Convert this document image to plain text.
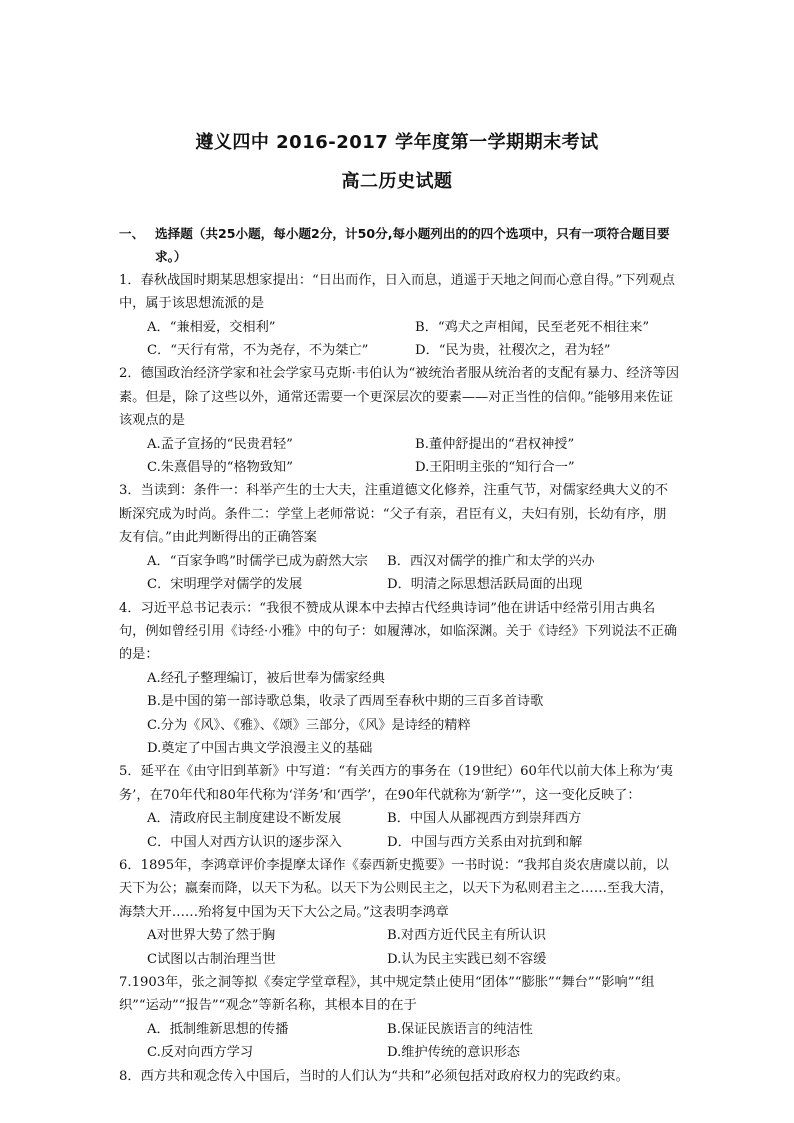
遵义四中 2016-2017 学年度第一学期期末考试
高二历史试题
一、 选择题（共25小题，每小题2分，计50分,每小题列出的的四个选项中，只有一项符合题目要求。）
1．春秋战国时期某思想家提出：“日出而作，日入而息，逍遥于天地之间而心意自得。”下列观点中，属于该思想流派的是
A．“兼相爱，交相利”	B．“鸡犬之声相闻，民至老死不相往来”
C．“天行有常，不为尧存，不为桀亡”	D．“民为贵，社稷次之，君为轻”
2．德国政治经济学家和社会学家马克斯·韦伯认为“被统治者服从统治者的支配有暴力、经济等因素。但是，除了这些以外，通常还需要一个更深层次的要素——对正当性的信仰。”能够用来佐证该观点的是
A.孟子宣扬的“民贵君轻”	B.董仲舒提出的“君权神授”
C.朱熹倡导的“格物致知”	D.王阳明主张的“知行合一”
3．当读到：条件一：科举产生的士大夫，注重道德文化修养，注重气节，对儒家经典大义的不断深究成为时尚。条件二：学堂上老师常说：“父子有亲，君臣有义，夫妇有别，长幼有序，朋友有信。”由此判断得出的正确答案
A．“百家争鸣”时儒学已成为蔚然大宗	B．西汉对儒学的推广和太学的兴办
C．宋明理学对儒学的发展	D．明清之际思想活跃局面的出现
4．习近平总书记表示：“我很不赞成从课本中去掉古代经典诗词”他在讲话中经常引用古典名句，例如曾经引用《诗经·小雅》中的句子：如履薄冰，如临深渊。关于《诗经》下列说法不正确的是：
A.经孔子整理编订，被后世奉为儒家经典
B.是中国的第一部诗歌总集，收录了西周至春秋中期的三百多首诗歌
C.分为《风》、《雅》、《颂》三部分，《风》是诗经的精粹
D.奠定了中国古典文学浪漫主义的基础
5．延平在《由守旧到革新》中写道：“有关西方的事务在（19世纪）60年代以前大体上称为‘夷务’，在70年代和80年代称为‘洋务’和‘西学’，在90年代就称为‘新学’”，这一变化反映了：
A．清政府民主制度建设不断发展	B．中国人从鄙视西方到崇拜西方
C．中国人对西方认识的逐步深入	D．中国与西方关系由对抗到和解
6．1895年，李鸿章评价李提摩太译作《泰西新史揽要》一书时说：“我邦自炎农唐虞以前，以天下为公；嬴秦而降，以天下为私。以天下为公则民主之，以天下为私则君主之……至我大清，海禁大开……殆将复中国为天下大公之局。”这表明李鸿章
A对世界大势了然于胸	B.对西方近代民主有所认识
C试图以古制治理当世	D.认为民主实践已刻不容缓
7.1903年，张之洞等拟《奏定学堂章程》，其中规定禁止使用“团体”“膨胀”“舞台”“影响”“组织”“运动”“报告”“观念”等新名称，其根本目的在于
A．抵制维新思想的传播	B.保证民族语言的纯洁性
C.反对向西方学习	D.维护传统的意识形态
8．西方共和观念传入中国后，当时的人们认为“共和”必须包括对政府权力的宪政约束。
